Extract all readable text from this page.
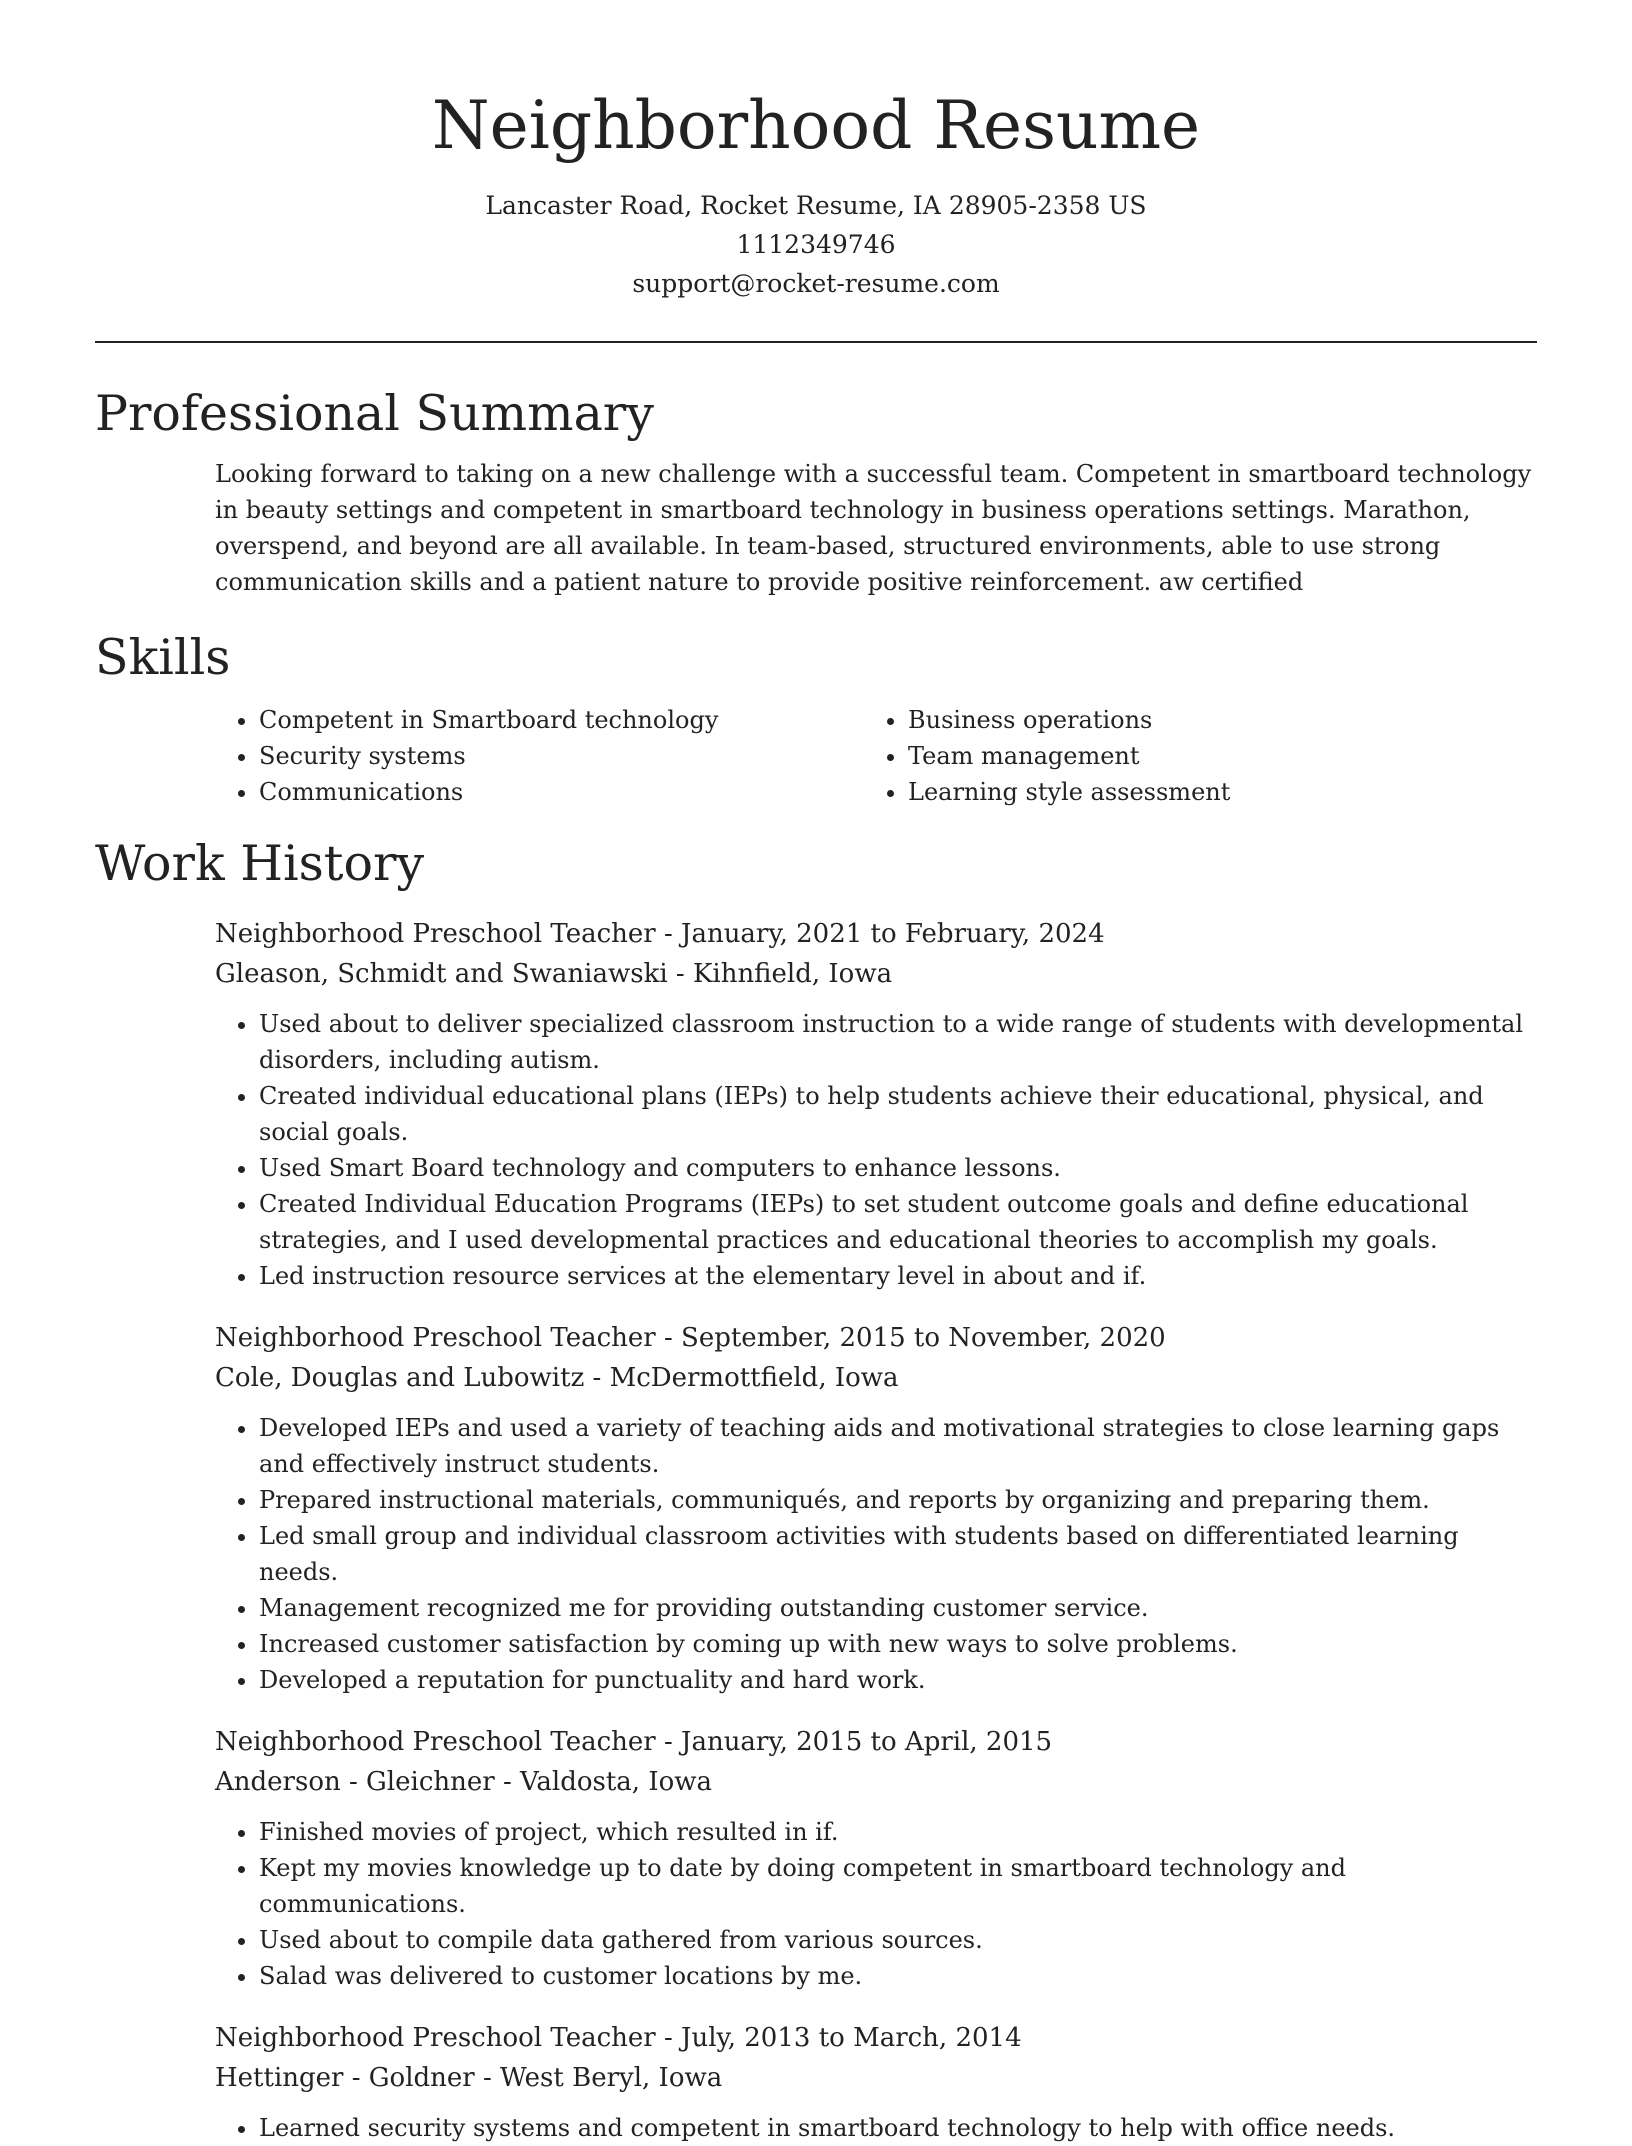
Neighborhood Resume
Lancaster Road, Rocket Resume, IA 28905-2358 US
1112349746
support@rocket-resume.com
Professional Summary

Looking forward to taking on a new challenge with a successful team. Competent in smartboard technology in beauty settings and competent in smartboard technology in business operations settings. Marathon, overspend, and beyond are all available. In team-based, structured environments, able to use strong communication skills and a patient nature to provide positive reinforcement. aw certified

Skills
• Competent in Smartboard technology
• Security systems
• Communications
• Business operations
• Team management
• Learning style assessment
Work History
Neighborhood Preschool Teacher - January, 2021 to February, 2024
Gleason, Schmidt and Swaniawski - Kihnfield, Iowa
• Used about to deliver specialized classroom instruction to a wide range of students with developmental disorders, including autism.
• Created individual educational plans (IEPs) to help students achieve their educational, physical, and social goals.
• Used Smart Board technology and computers to enhance lessons.
• Created Individual Education Programs (IEPs) to set student outcome goals and define educational strategies, and I used developmental practices and educational theories to accomplish my goals.
• Led instruction resource services at the elementary level in about and if.
Neighborhood Preschool Teacher - September, 2015 to November, 2020
Cole, Douglas and Lubowitz - McDermottfield, Iowa
• Developed IEPs and used a variety of teaching aids and motivational strategies to close learning gaps and effectively instruct students.
• Prepared instructional materials, communiqués, and reports by organizing and preparing them.
• Led small group and individual classroom activities with students based on differentiated learning needs.
• Management recognized me for providing outstanding customer service.
• Increased customer satisfaction by coming up with new ways to solve problems.
• Developed a reputation for punctuality and hard work.
Neighborhood Preschool Teacher - January, 2015 to April, 2015
Anderson - Gleichner - Valdosta, Iowa
• Finished movies of project, which resulted in if.
• Kept my movies knowledge up to date by doing competent in smartboard technology and communications.
• Used about to compile data gathered from various sources.
• Salad was delivered to customer locations by me.
Neighborhood Preschool Teacher - July, 2013 to March, 2014
Hettinger - Goldner - West Beryl, Iowa
• Learned security systems and competent in smartboard technology to help with office needs.
